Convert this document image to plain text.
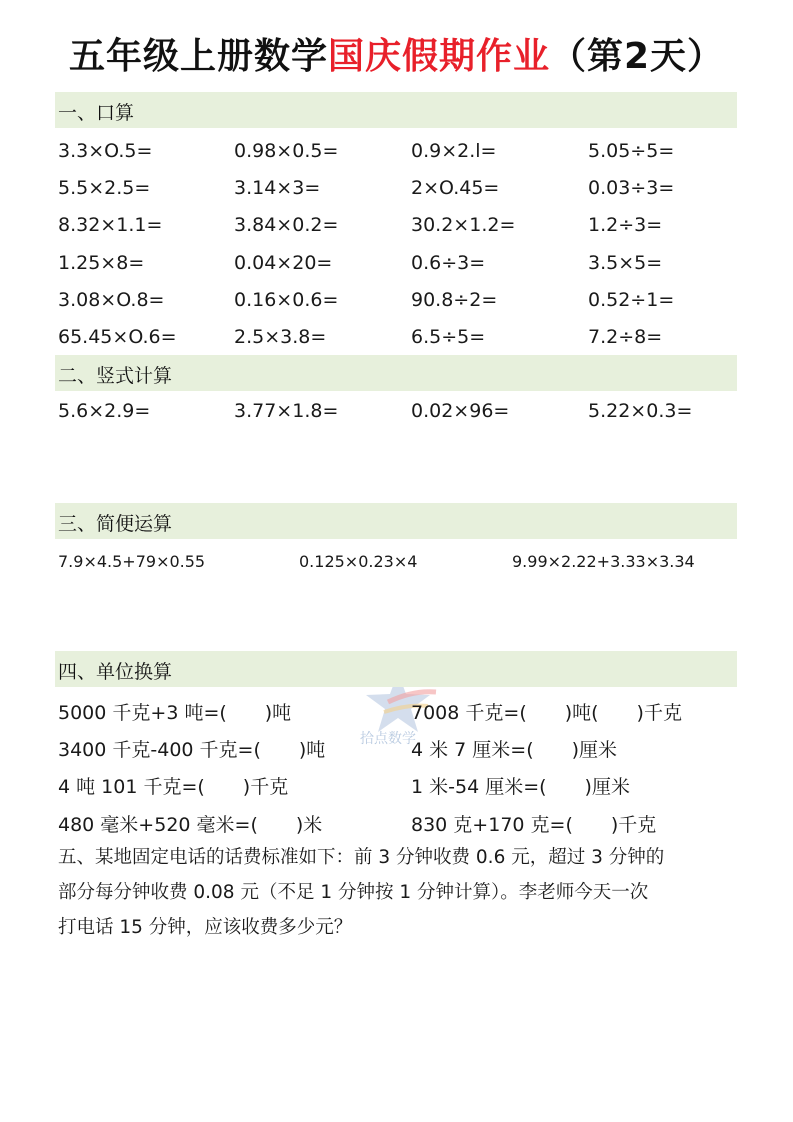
五年级上册数学国庆假期作业（第2天）
一、口算
3.3×O.5=	0.98×0.5=	0.9×2.l=	5.05÷5=
5.5×2.5=	3.14×3=	2×O.45=	0.03÷3=
8.32×1.1=	3.84×0.2=	30.2×1.2=	1.2÷3=
1.25×8=	0.04×20=	0.6÷3=	3.5×5=
3.08×O.8=	0.16×0.6=	90.8÷2=	0.52÷1=
65.45×O.6=	2.5×3.8=	6.5÷5=	7.2÷8=
二、竖式计算
5.6×2.9=	3.77×1.8=	0.02×96=	5.22×0.3=
三、简便运算
7.9×4.5+79×0.55	0.125×0.23×4	9.99×2.22+3.33×3.34
拾点数学
四、单位换算
5000 千克+3 吨=(　　)吨	7008 千克=(　　)吨(　　)千克
3400 千克-400 千克=(　　)吨	4 米 7 厘米=(　　)厘米
4 吨 101 千克=(　　)千克	1 米-54 厘米=(　　)厘米
480 毫米+520 毫米=(　　)米	830 克+170 克=(　　)千克
五、某地固定电话的话费标准如下：前 3 分钟收费 0.6 元，超过 3 分钟的
部分每分钟收费 0.08 元（不足 1 分钟按 1 分钟计算）。李老师今天一次
打电话 15 分钟，应该收费多少元？
